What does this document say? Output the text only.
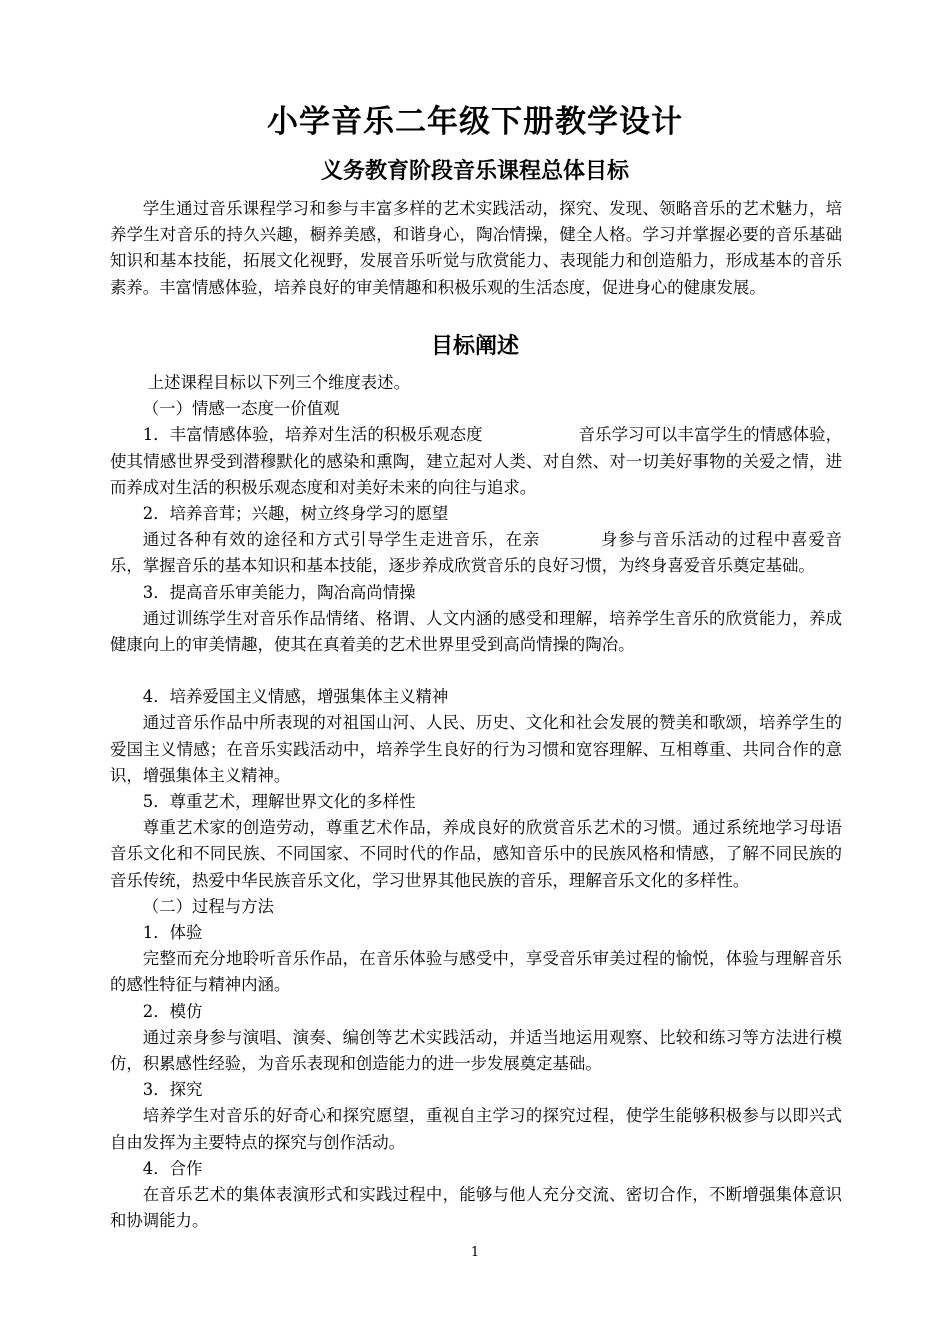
小学音乐二年级下册教学设计
义务教育阶段音乐课程总体目标

学生通过音乐课程学习和参与丰富多样的艺术实践活动，探究、发现、领略音乐的艺术魅力，培养学生对音乐的持久兴趣，橱养美感，和谐身心，陶冶情操，健全人格。学习并掌握必要的音乐基础知识和基本技能，拓展文化视野，发展音乐听觉与欣赏能力、表现能力和创造船力，形成基本的音乐素养。丰富情感体验，培养良好的审美情趣和积极乐观的生活态度，促进身心的健康发展。

目标阐述

上述课程目标以下列三个维度表述。

（一）情感一态度一价值观

1．丰富情感体验，培养对生活的积极乐观态度	音乐学习可以丰富学生的情感体验，使其情感世界受到潜穆默化的感染和熏陶，建立起对人类、对自然、对一切美好事物的关爱之情，进而养成对生活的积极乐观态度和对美好未来的向往与追求。

2．培养音茸；兴趣，树立终身学习的愿望

通过各种有效的途径和方式引导学生走进音乐，在亲	身参与音乐活动的过程中喜爱音乐，掌握音乐的基本知识和基本技能，逐步养成欣赏音乐的良好习惯，为终身喜爱音乐奠定基础。

3．提高音乐审美能力，陶冶高尚情操

通过训练学生对音乐作品情绪、格谓、人文内涵的感受和理解，培养学生音乐的欣赏能力，养成健康向上的审美情趣，使其在真着美的艺术世界里受到高尚情操的陶冶。

4．培养爱国主义情感，增强集体主义精神

通过音乐作品中所表现的对祖国山河、人民、历史、文化和社会发展的赞美和歌颂，培养学生的爱国主义情感；在音乐实践活动中，培养学生良好的行为习惯和宽容理解、互相尊重、共同合作的意识，增强集体主义精神。

5．尊重艺术，理解世界文化的多样性

尊重艺术家的创造劳动，尊重艺术作品，养成良好的欣赏音乐艺术的习惯。通过系统地学习母语音乐文化和不同民族、不同国家、不同时代的作品，感知音乐中的民族风格和情感，了解不同民族的音乐传统，热爱中华民族音乐文化，学习世界其他民族的音乐，理解音乐文化的多样性。

（二）过程与方法

1．体验

完整而充分地聆听音乐作品，在音乐体验与感受中，享受音乐审美过程的愉悦，体验与理解音乐的感性特征与精神内涵。

2．模仿

通过亲身参与演唱、演奏、编创等艺术实践活动，并适当地运用观察、比较和练习等方法进行模仿，积累感性经验，为音乐表现和创造能力的进一步发展奠定基础。

3．探究

培养学生对音乐的好奇心和探究愿望，重视自主学习的探究过程，使学生能够积极参与以即兴式自由发挥为主要特点的探究与创作活动。

4．合作

在音乐艺术的集体表演形式和实践过程中，能够与他人充分交流、密切合作，不断增强集体意识和协调能力。

1
